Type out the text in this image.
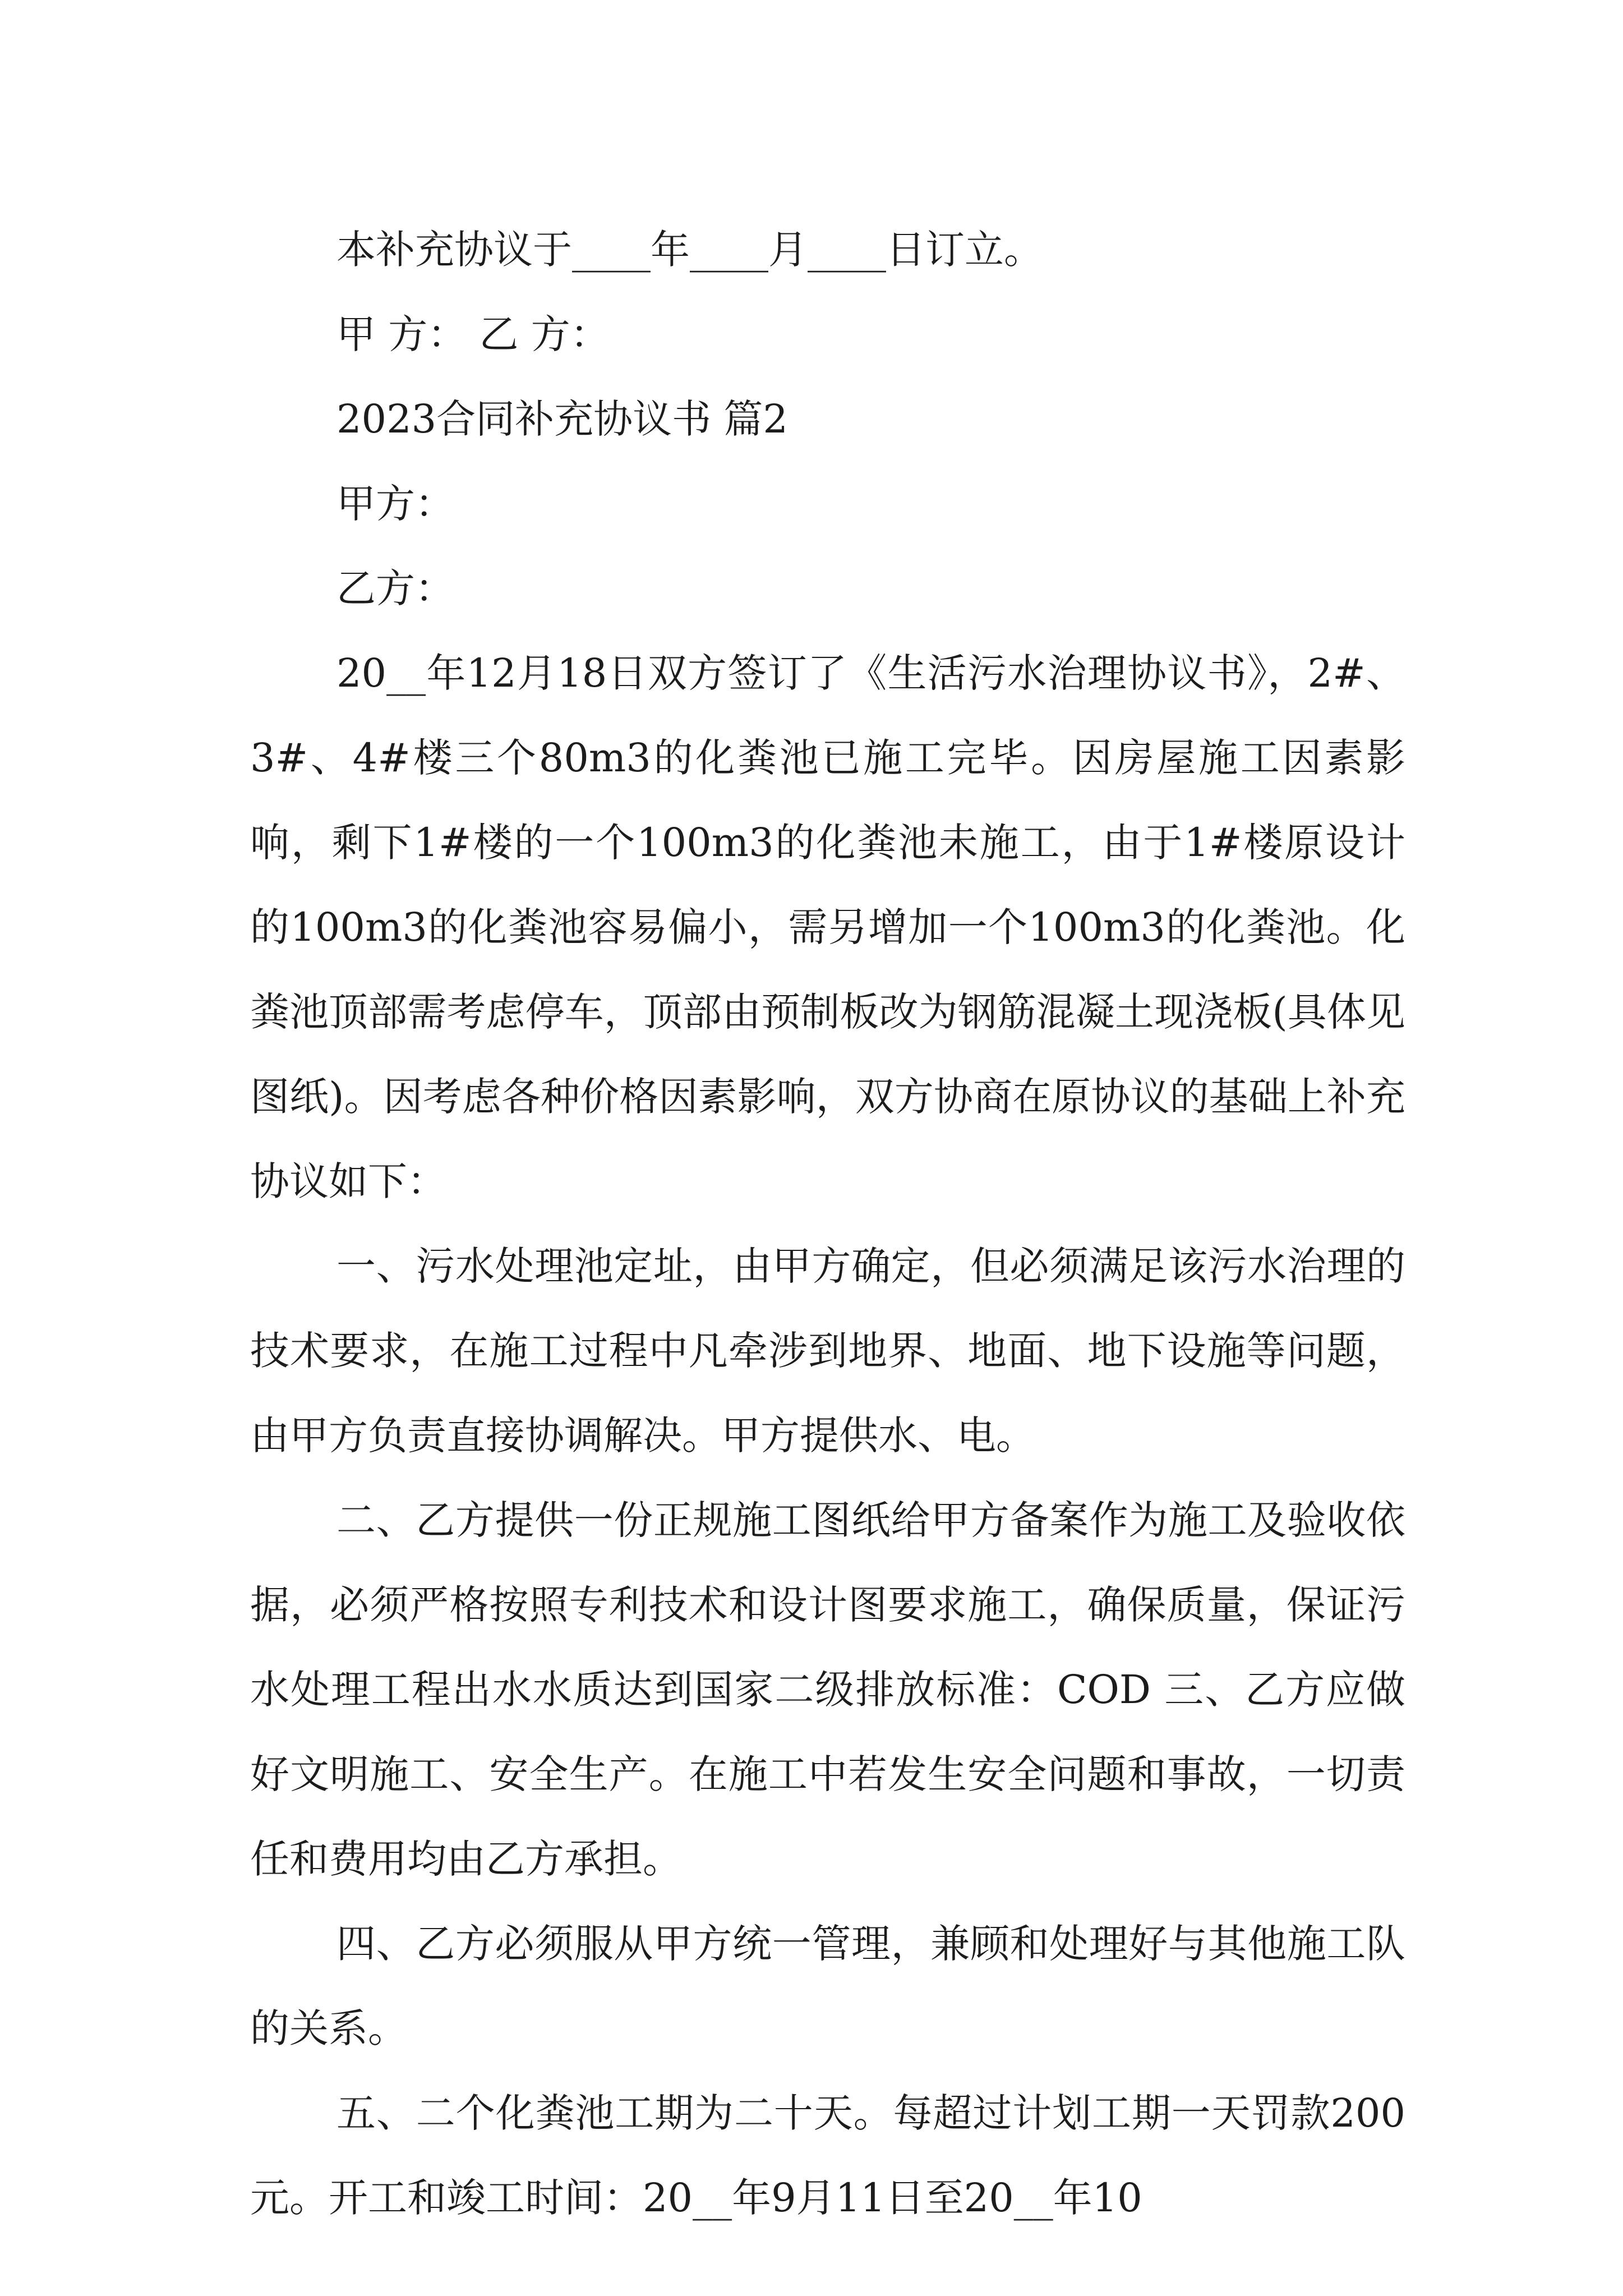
本补充协议于____年____月____日订立。

甲 方： 乙 方：

2023合同补充协议书 篇2

甲方：

乙方：

20__年12月18日双方签订了《生活污水治理协议书》，2#、3#、4#楼三个80m3的化粪池已施工完毕。因房屋施工因素影响，剩下1#楼的一个100m3的化粪池未施工，由于1#楼原设计的100m3的化粪池容易偏小，需另增加一个100m3的化粪池。化粪池顶部需考虑停车，顶部由预制板改为钢筋混凝土现浇板(具体见图纸)。因考虑各种价格因素影响，双方协商在原协议的基础上补充协议如下：

一、污水处理池定址，由甲方确定，但必须满足该污水治理的技术要求，在施工过程中凡牵涉到地界、地面、地下设施等问题，由甲方负责直接协调解决。甲方提供水、电。

二、乙方提供一份正规施工图纸给甲方备案作为施工及验收依据，必须严格按照专利技术和设计图要求施工，确保质量，保证污水处理工程出水水质达到国家二级排放标准：COD 三、乙方应做好文明施工、安全生产。在施工中若发生安全问题和事故，一切责任和费用均由乙方承担。

四、乙方必须服从甲方统一管理，兼顾和处理好与其他施工队的关系。

五、二个化粪池工期为二十天。每超过计划工期一天罚款200元。开工和竣工时间：20__年9月11日至20__年10
